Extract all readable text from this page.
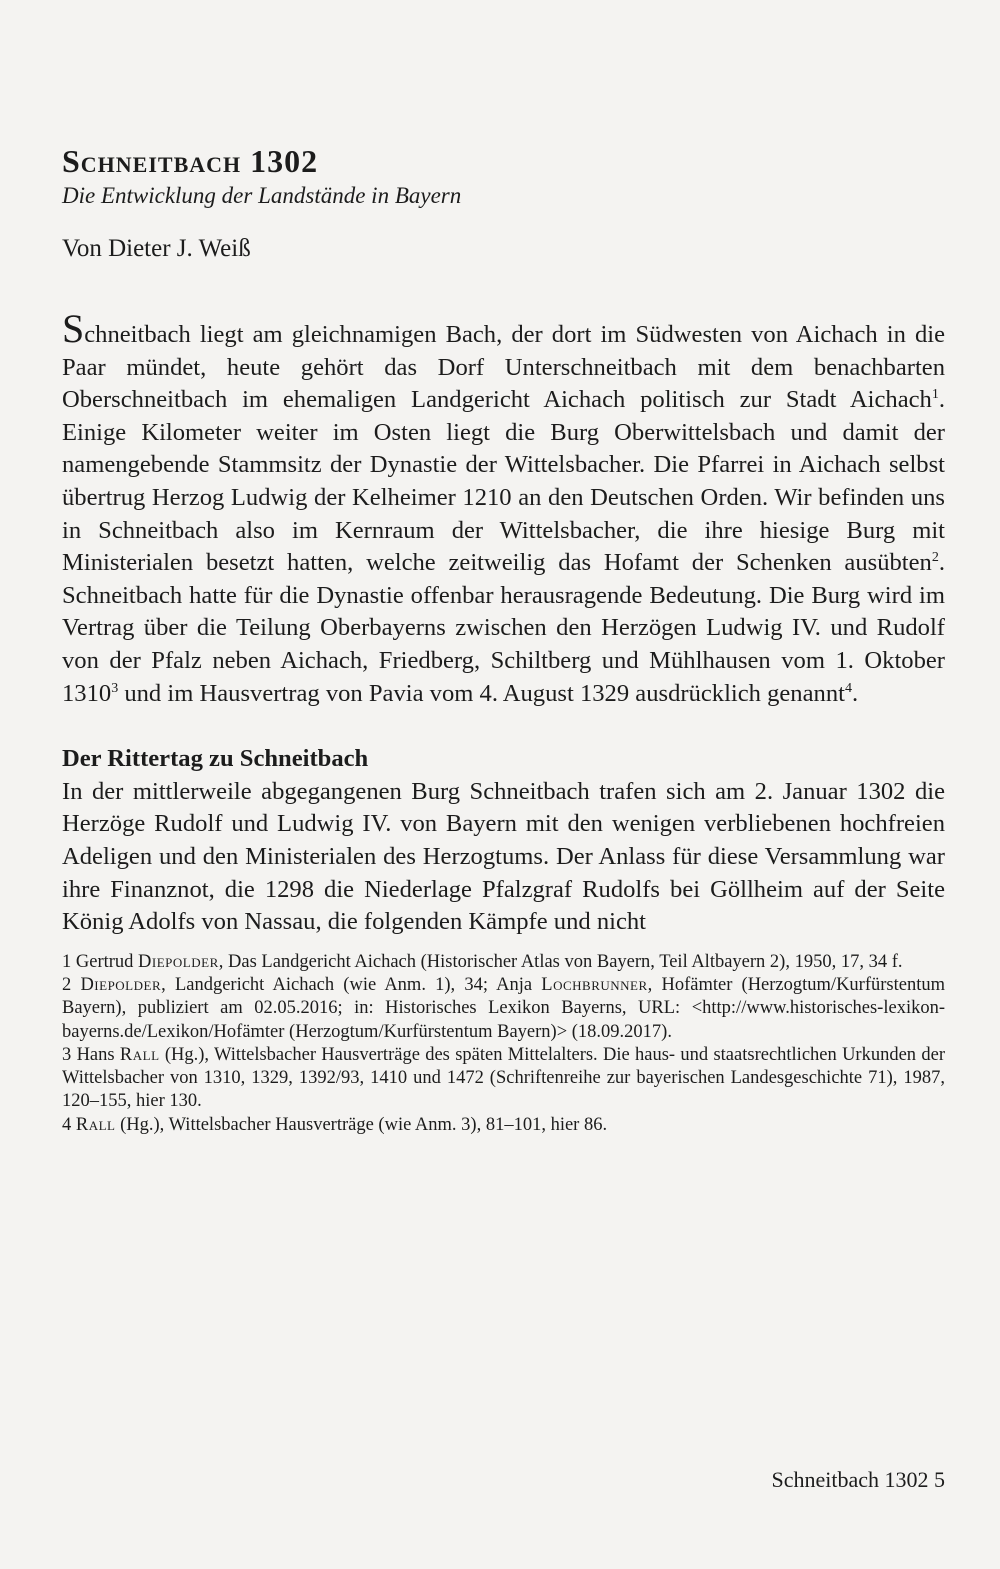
Schneitbach 1302

Die Entwicklung der Landstände in Bayern

Von Dieter J. Weiß

Schneitbach liegt am gleichnamigen Bach, der dort im Südwesten von Aichach in die Paar mündet, heute gehört das Dorf Unterschneitbach mit dem benachbarten Oberschneitbach im ehemaligen Landgericht Aichach politisch zur Stadt Aichach$^1$. Einige Kilometer weiter im Osten liegt die Burg Oberwittelsbach und damit der namengebende Stammsitz der Dynastie der Wittelsbacher. Die Pfarrei in Aichach selbst übertrug Herzog Ludwig der Kelheimer 1210 an den Deutschen Orden. Wir befinden uns in Schneitbach also im Kernraum der Wittelsbacher, die ihre hiesige Burg mit Ministerialen besetzt hatten, welche zeitweilig das Hofamt der Schenken ausübten$^2$. Schneitbach hatte für die Dynastie offenbar herausragende Bedeutung. Die Burg wird im Vertrag über die Teilung Oberbayerns zwischen den Herzögen Ludwig IV. und Rudolf von der Pfalz neben Aichach, Friedberg, Schiltberg und Mühlhausen vom 1. Oktober 1310$^3$ und im Hausvertrag von Pavia vom 4. August 1329 ausdrücklich genannt$^4$.

Der Rittertag zu Schneitbach

In der mittlerweile abgegangenen Burg Schneitbach trafen sich am 2. Januar 1302 die Herzöge Rudolf und Ludwig IV. von Bayern mit den wenigen verbliebenen hochfreien Adeligen und den Ministerialen des Herzogtums. Der Anlass für diese Versammlung war ihre Finanznot, die 1298 die Niederlage Pfalzgraf Rudolfs bei Göllheim auf der Seite König Adolfs von Nassau, die folgenden Kämpfe und nicht

1 Gertrud Diepolder, Das Landgericht Aichach (Historischer Atlas von Bayern, Teil Altbayern 2), 1950, 17, 34 f.

2 Diepolder, Landgericht Aichach (wie Anm. 1), 34; Anja Lochbrunner, Hofämter (Herzogtum/Kurfürstentum Bayern), publiziert am 02.05.2016; in: Historisches Lexikon Bayerns, URL: <http://www.historisches-lexikon-bayerns.de/Lexikon/Hofämter (Herzogtum/Kurfürstentum Bayern)> (18.09.2017).

3 Hans Rall (Hg.), Wittelsbacher Hausverträge des späten Mittelalters. Die haus- und staatsrechtlichen Urkunden der Wittelsbacher von 1310, 1329, 1392/93, 1410 und 1472 (Schriftenreihe zur bayerischen Landesgeschichte 71), 1987, 120–155, hier 130.

4 Rall (Hg.), Wittelsbacher Hausverträge (wie Anm. 3), 81–101, hier 86.

Schneitbach 1302 5
